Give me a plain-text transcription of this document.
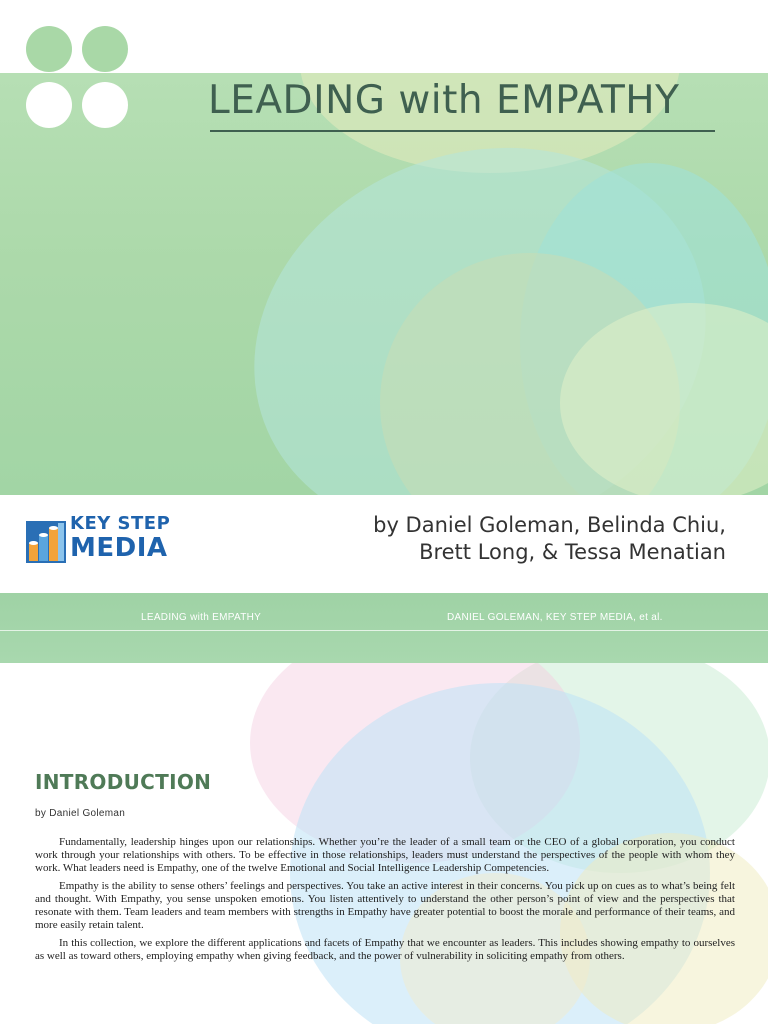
LEADING with EMPATHY
KEY STEP
MEDIA
by Daniel Goleman, Belinda Chiu,
Brett Long, & Tessa Menatian
LEADING with EMPATHY	DANIEL GOLEMAN, KEY STEP MEDIA, et al.
INTRODUCTION
by Daniel Goleman

Fundamentally, leadership hinges upon our relationships. Whether you’re the leader of a small team or the CEO of a global corporation, you conduct work through your relationships with others. To be effective in those relationships, leaders must understand the perspectives of the people with whom they work. What leaders need is Empathy, one of the twelve Emotional and Social Intelligence Leadership Competencies.

Empathy is the ability to sense others’ feelings and perspectives. You take an active interest in their concerns. You pick up on cues as to what’s being felt and thought. With Empathy, you sense unspoken emotions. You listen attentively to understand the other person’s point of view and the perspectives that resonate with them. Team leaders and team members with strengths in Empathy have greater potential to boost the morale and performance of their teams, and more easily retain talent.

In this collection, we explore the different applications and facets of Empathy that we encounter as leaders. This includes showing empathy to ourselves as well as toward others, employing empathy when giving feedback, and the power of vulnerability in soliciting empathy from others.
